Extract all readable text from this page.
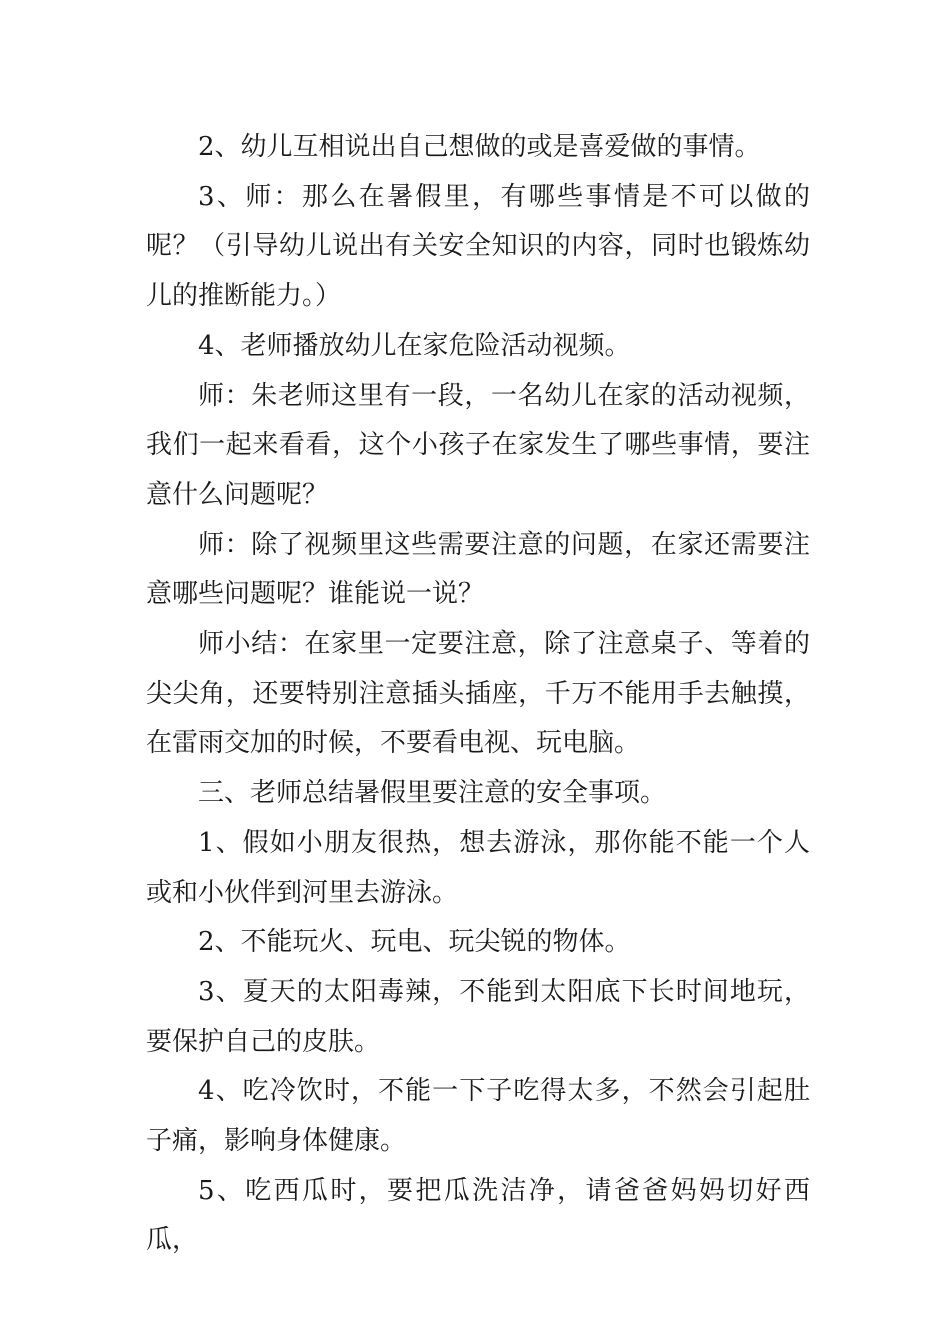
2、幼儿互相说出自己想做的或是喜爱做的事情。

3、师：那么在暑假里，有哪些事情是不可以做的呢？（引导幼儿说出有关安全知识的内容，同时也锻炼幼儿的推断能力。）

4、老师播放幼儿在家危险活动视频。

师：朱老师这里有一段，一名幼儿在家的活动视频，我们一起来看看，这个小孩子在家发生了哪些事情，要注意什么问题呢？

师：除了视频里这些需要注意的问题，在家还需要注意哪些问题呢？谁能说一说？

师小结：在家里一定要注意，除了注意桌子、等着的尖尖角，还要特别注意插头插座，千万不能用手去触摸，在雷雨交加的时候，不要看电视、玩电脑。

三、老师总结暑假里要注意的安全事项。

1、假如小朋友很热，想去游泳，那你能不能一个人或和小伙伴到河里去游泳。

2、不能玩火、玩电、玩尖锐的物体。

3、夏天的太阳毒辣，不能到太阳底下长时间地玩，要保护自己的皮肤。

4、吃冷饮时，不能一下子吃得太多，不然会引起肚子痛，影响身体健康。

5、吃西瓜时，要把瓜洗洁净，请爸爸妈妈切好西瓜，
